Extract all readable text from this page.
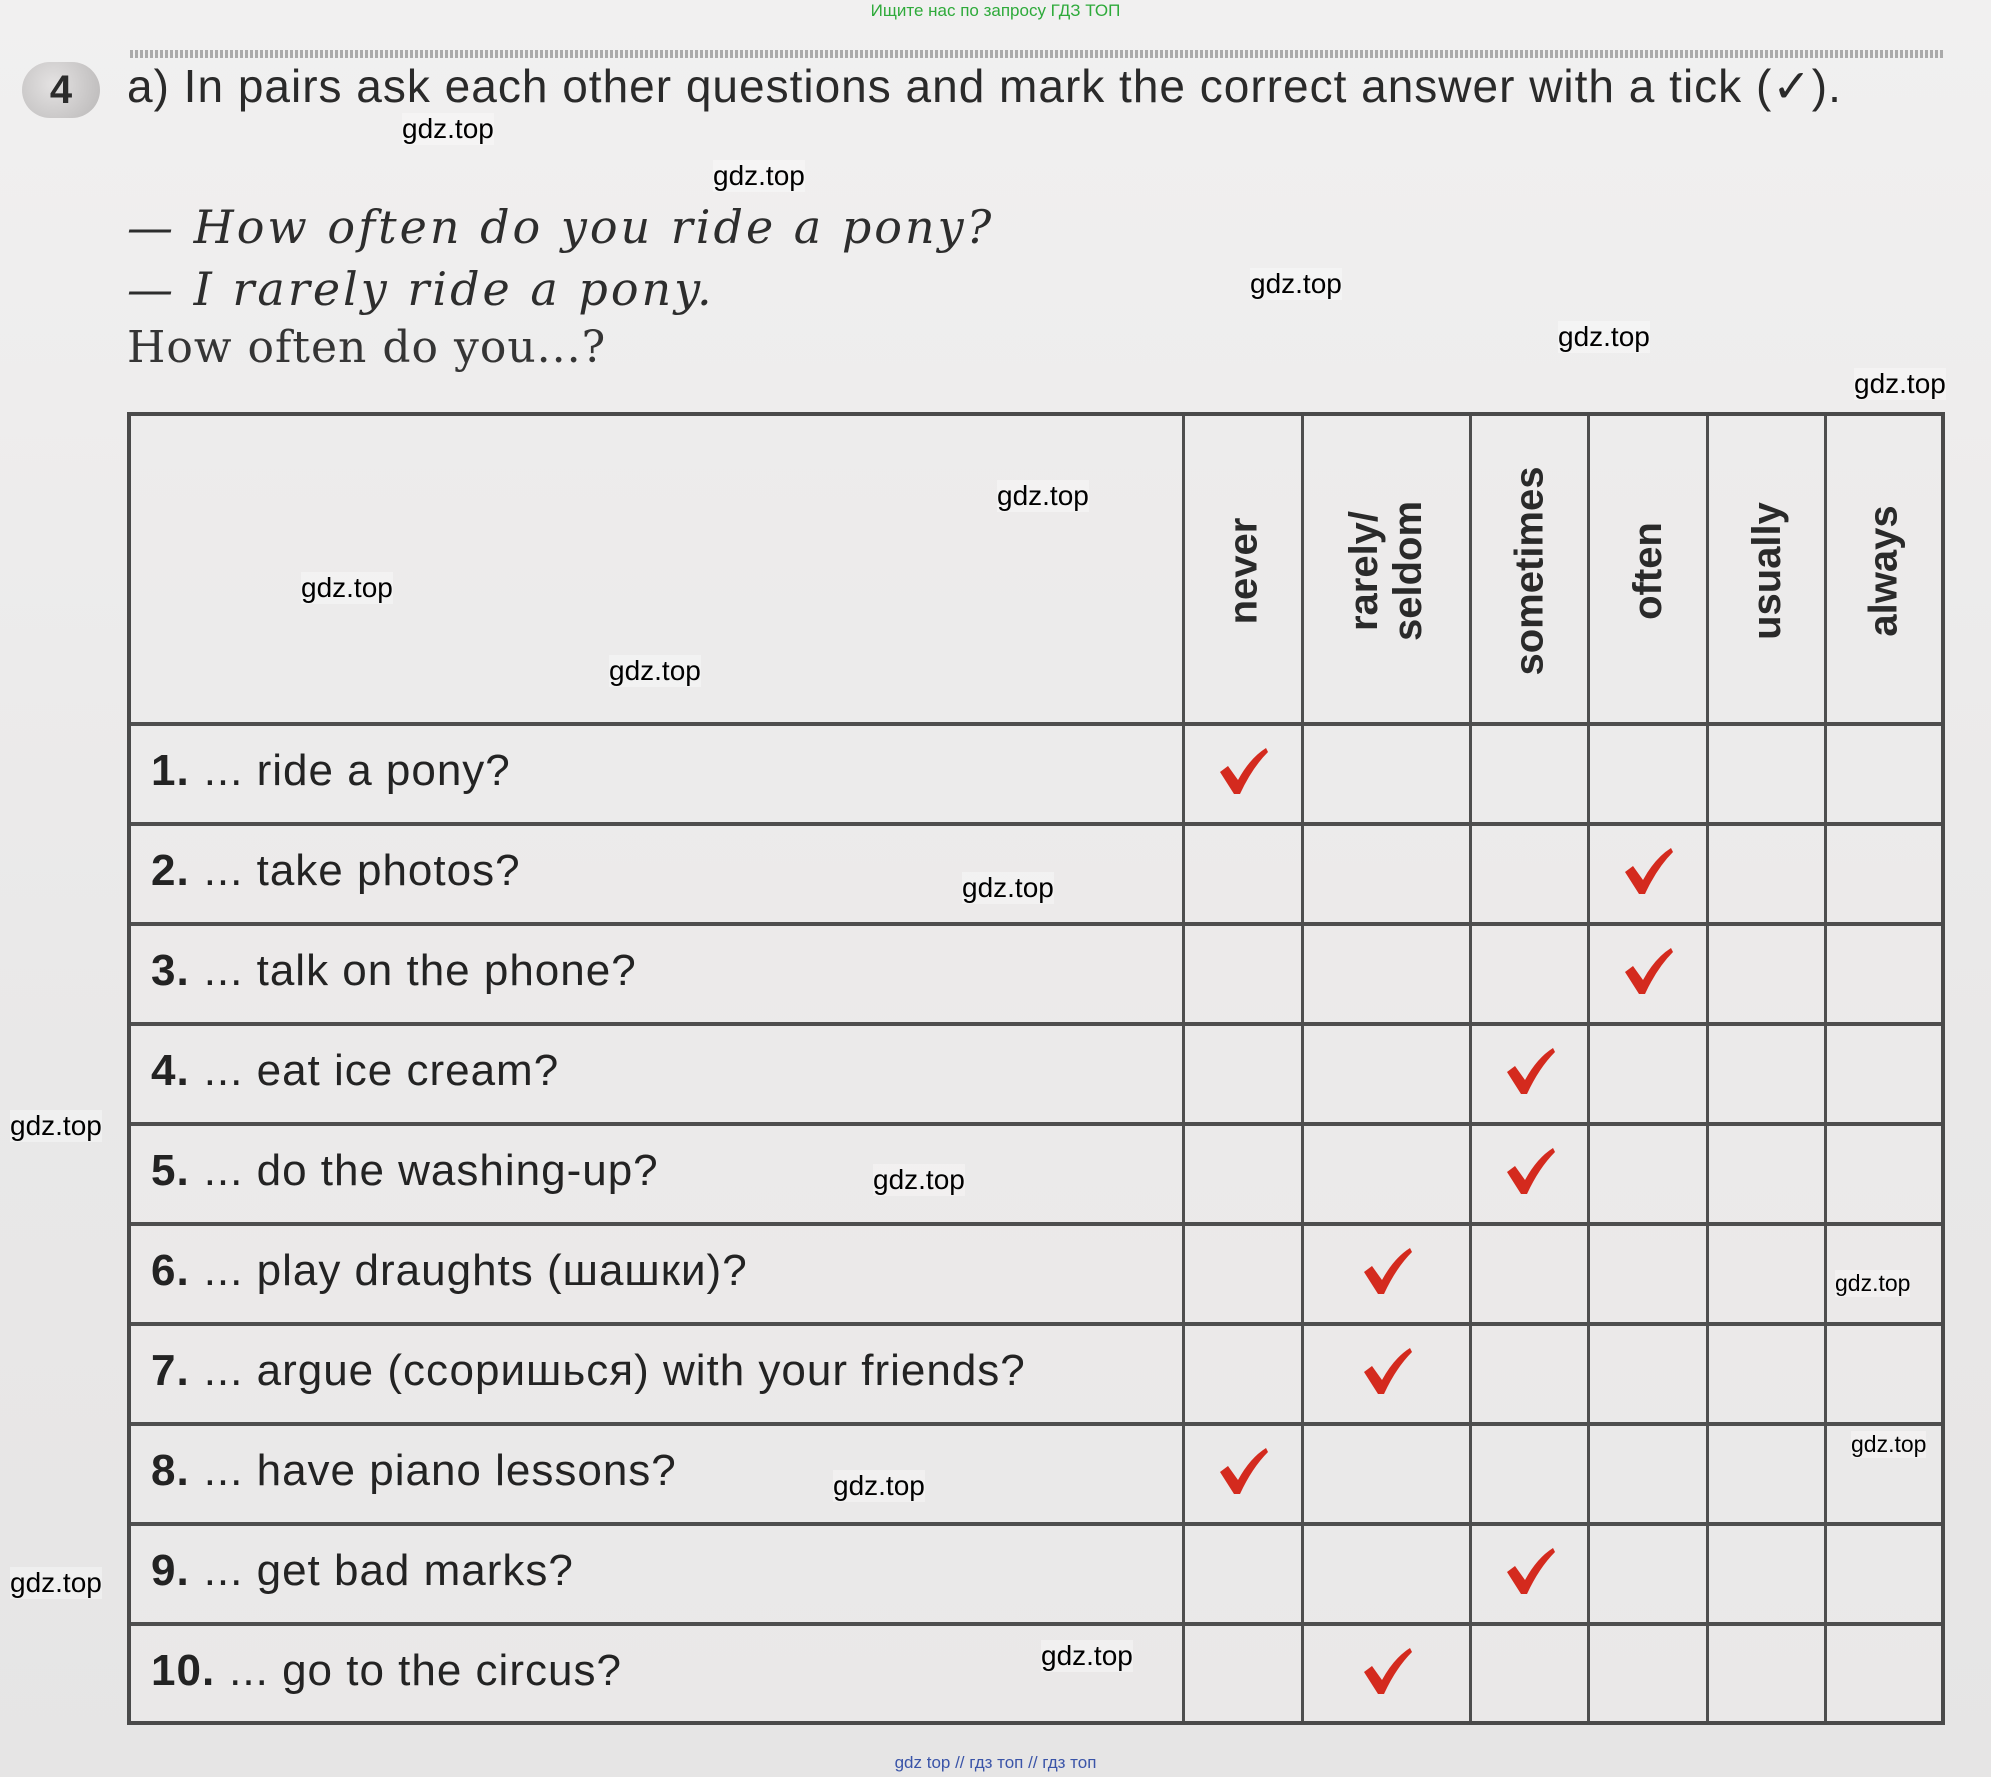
Ищите нас по запросу ГДЗ ТОП
4	a) In pairs ask each other questions and mark the correct answer with a tick (✓).
— How often do you ride a pony?
— I rarely ride a pony.
How often do you...?
never rarely/
seldom sometimes often usually always
1. ... ride a pony?
2. ... take photos?
3. ... talk on the phone?
4. ... eat ice cream?
5. ... do the washing-up?
6. ... play draughts (шашки)?
7. ... argue (ссоришься) with your friends?
8. ... have piano lessons?
9. ... get bad marks?
10. ... go to the circus?
gdz.top
gdz.top
gdz.top
gdz.top
gdz.top
gdz.top
gdz.top
gdz.top
gdz.top
gdz.top
gdz.top
gdz.top
gdz.top
gdz.top
gdz.top
gdz.top
gdz top // гдз топ // гдз топ
